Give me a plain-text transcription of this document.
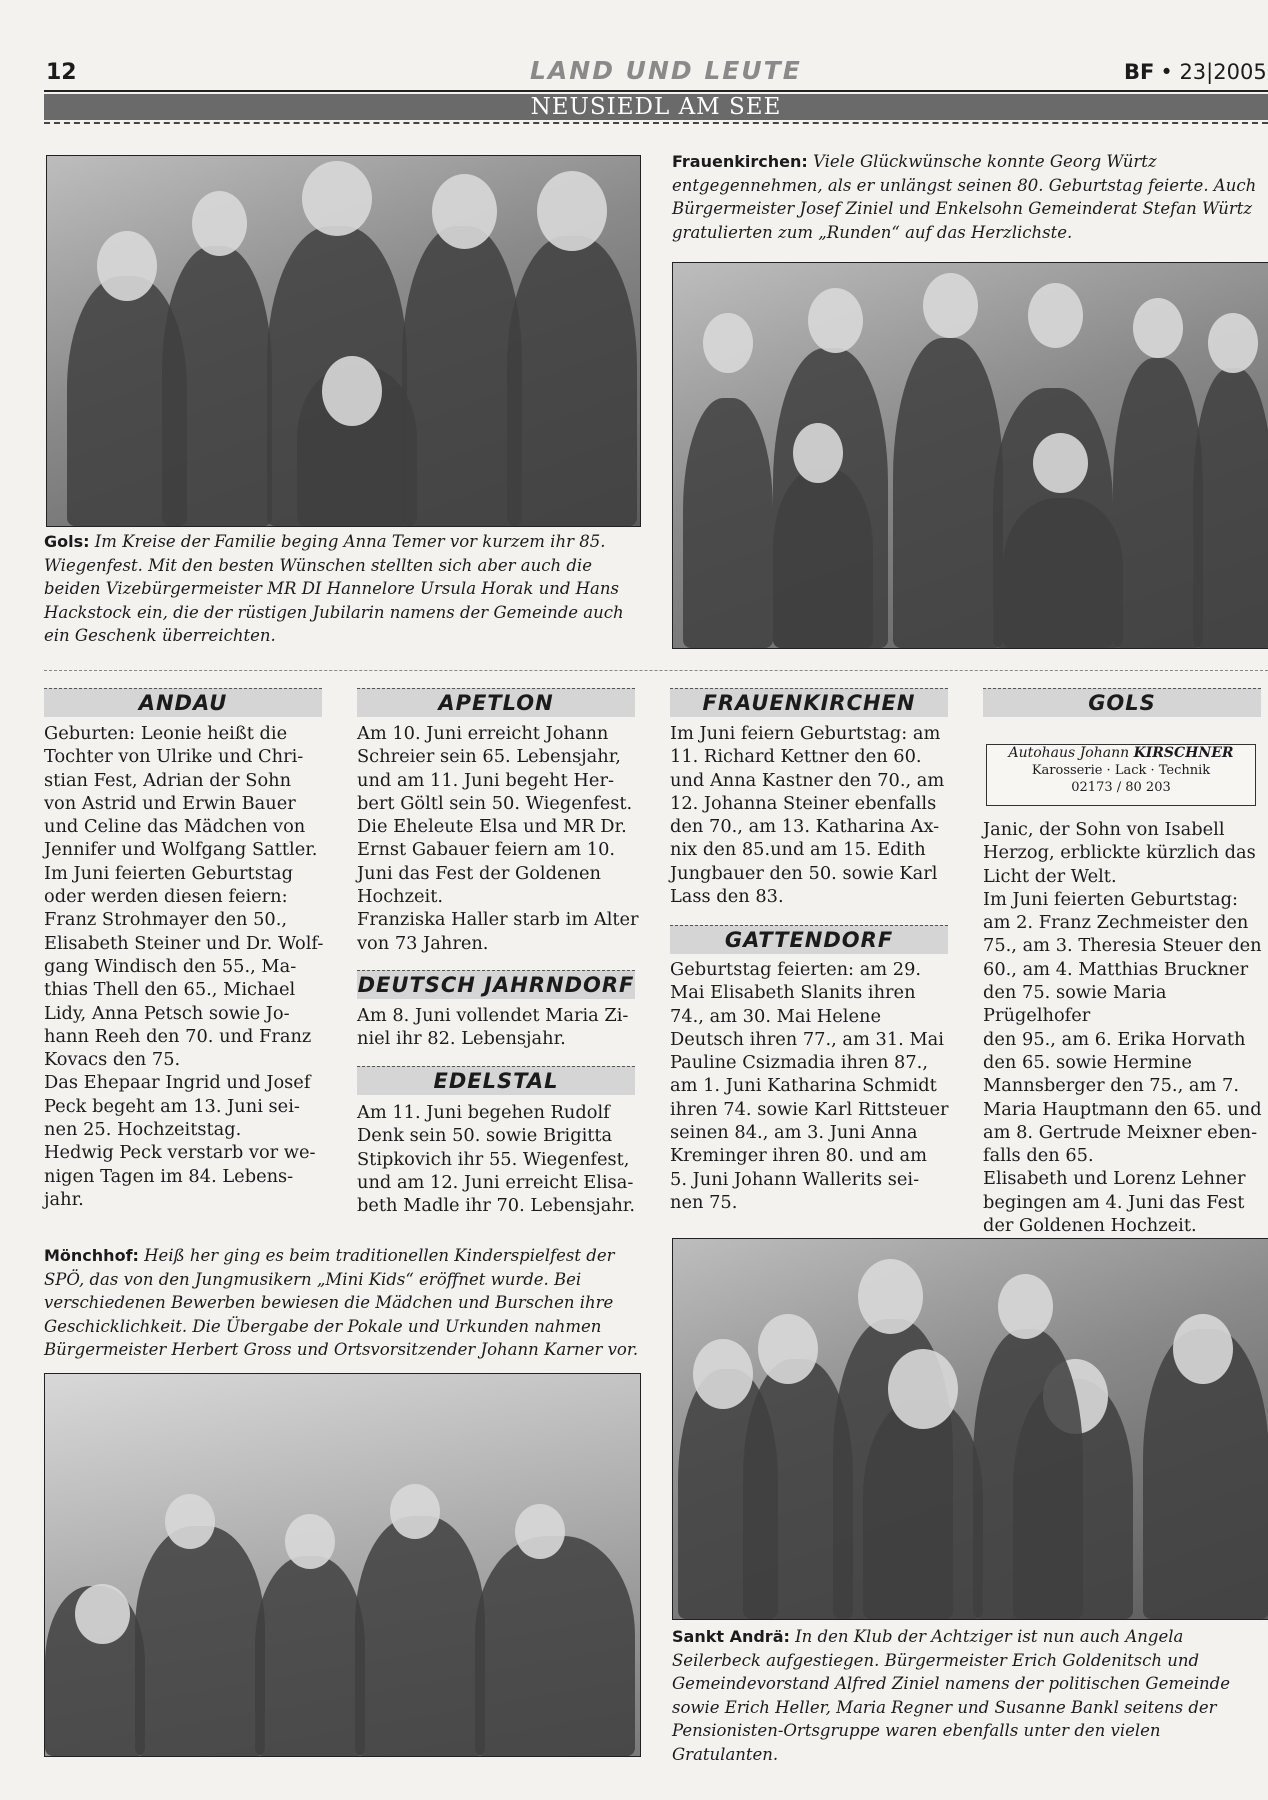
12	LAND UND LEUTE	BF • 23|2005
NEUSIEDL AM SEE
Gols: Im Kreise der Familie beging Anna Temer vor kurzem ihr 85. Wiegenfest. Mit den besten Wünschen stellten sich aber auch die beiden Vizebürgermeister MR DI Hannelore Ursula Horak und Hans Hackstock ein, die der rüstigen Jubilarin namens der Gemeinde auch ein Geschenk überreichten.
Frauenkirchen: Viele Glückwünsche konnte Georg Würtz entgegennehmen, als er unlängst seinen 80. Geburtstag feierte. Auch Bürgermeister Josef Ziniel und Enkelsohn Gemeinderat Stefan Würtz gratulierten zum „Runden“ auf das Herzlichste.
ANDAU
Geburten: Leonie heißt die
Tochter von Ulrike und Chri-
stian Fest, Adrian der Sohn
von Astrid und Erwin Bauer
und Celine das Mädchen von
Jennifer und Wolfgang Sattler.
Im Juni feierten Geburtstag
oder werden diesen feiern:
Franz Strohmayer den 50.,
Elisabeth Steiner und Dr. Wolf-
gang Windisch den 55., Ma-
thias Thell den 65., Michael
Lidy, Anna Petsch sowie Jo-
hann Reeh den 70. und Franz
Kovacs den 75.
Das Ehepaar Ingrid und Josef
Peck begeht am 13. Juni sei-
nen 25. Hochzeitstag.
Hedwig Peck verstarb vor we-
nigen Tagen im 84. Lebens-
jahr.
APETLON
Am 10. Juni erreicht Johann
Schreier sein 65. Lebensjahr,
und am 11. Juni begeht Her-
bert Göltl sein 50. Wiegenfest.
Die Eheleute Elsa und MR Dr.
Ernst Gabauer feiern am 10.
Juni das Fest der Goldenen
Hochzeit.
Franziska Haller starb im Alter
von 73 Jahren.
DEUTSCH JAHRNDORF
Am 8. Juni vollendet Maria Zi-
niel ihr 82. Lebensjahr.
EDELSTAL
Am 11. Juni begehen Rudolf
Denk sein 50. sowie Brigitta
Stipkovich ihr 55. Wiegenfest,
und am 12. Juni erreicht Elisa-
beth Madle ihr 70. Lebensjahr.
FRAUENKIRCHEN
Im Juni feiern Geburtstag: am
11. Richard Kettner den 60.
und Anna Kastner den 70., am
12. Johanna Steiner ebenfalls
den 70., am 13. Katharina Ax-
nix den 85.und am 15. Edith
Jungbauer den 50. sowie Karl
Lass den 83.
GATTENDORF
Geburtstag feierten: am 29.
Mai Elisabeth Slanits ihren
74., am 30. Mai Helene
Deutsch ihren 77., am 31. Mai
Pauline Csizmadia ihren 87.,
am 1. Juni Katharina Schmidt
ihren 74. sowie Karl Rittsteuer
seinen 84., am 3. Juni Anna
Kreminger ihren 80. und am
5. Juni Johann Wallerits sei-
nen 75.
GOLS
Autohaus Johann KIRSCHNER
Karosserie · Lack · Technik
02173 / 80 203
Janic, der Sohn von Isabell
Herzog, erblickte kürzlich das
Licht der Welt.
Im Juni feierten Geburtstag:
am 2. Franz Zechmeister den
75., am 3. Theresia Steuer den
60., am 4. Matthias Bruckner
den 75. sowie Maria Prügelhofer
den 95., am 6. Erika Horvath
den 65. sowie Hermine
Mannsberger den 75., am 7.
Maria Hauptmann den 65. und
am 8. Gertrude Meixner eben-
falls den 65.
Elisabeth und Lorenz Lehner
begingen am 4. Juni das Fest
der Goldenen Hochzeit.
Mönchhof: Heiß her ging es beim traditionellen Kinderspielfest der SPÖ, das von den Jungmusikern „Mini Kids“ eröffnet wurde. Bei verschiedenen Bewerben bewiesen die Mädchen und Burschen ihre Geschicklichkeit. Die Übergabe der Pokale und Urkunden nahmen Bürgermeister Herbert Gross und Ortsvorsitzender Johann Karner vor.
Sankt Andrä: In den Klub der Achtziger ist nun auch Angela Seilerbeck aufgestiegen. Bürgermeister Erich Goldenitsch und Gemeindevorstand Alfred Ziniel namens der politischen Gemeinde sowie Erich Heller, Maria Regner und Susanne Bankl seitens der Pensionisten-Ortsgruppe waren ebenfalls unter den vielen Gratulanten.
